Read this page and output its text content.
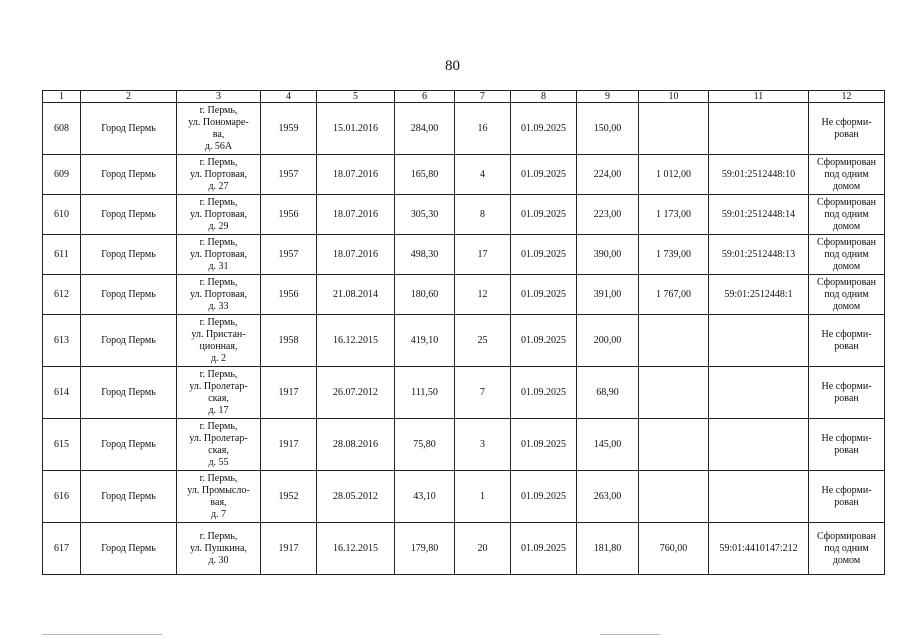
80
1	2	3	4	5	6	7	8	9	10	11	12
608	Город Пермь	г. Пермь,
ул. Пономаре-
ва,
д. 56А	1959	15.01.2016	284,00	16	01.09.2025	150,00			Не сформи-
рован
609	Город Пермь	г. Пермь,
ул. Портовая,
д. 27	1957	18.07.2016	165,80	4	01.09.2025	224,00	1 012,00	59:01:2512448:10	Сформирован
под одним
домом
610	Город Пермь	г. Пермь,
ул. Портовая,
д. 29	1956	18.07.2016	305,30	8	01.09.2025	223,00	1 173,00	59:01:2512448:14	Сформирован
под одним
домом
611	Город Пермь	г. Пермь,
ул. Портовая,
д. 31	1957	18.07.2016	498,30	17	01.09.2025	390,00	1 739,00	59:01:2512448:13	Сформирован
под одним
домом
612	Город Пермь	г. Пермь,
ул. Портовая,
д. 33	1956	21.08.2014	180,60	12	01.09.2025	391,00	1 767,00	59:01:2512448:1	Сформирован
под одним
домом
613	Город Пермь	г. Пермь,
ул. Пристан-
ционная,
д. 2	1958	16.12.2015	419,10	25	01.09.2025	200,00			Не сформи-
рован
614	Город Пермь	г. Пермь,
ул. Пролетар-
ская,
д. 17	1917	26.07.2012	111,50	7	01.09.2025	68,90			Не сформи-
рован
615	Город Пермь	г. Пермь,
ул. Пролетар-
ская,
д. 55	1917	28.08.2016	75,80	3	01.09.2025	145,00			Не сформи-
рован
616	Город Пермь	г. Пермь,
ул. Промысло-
вая,
д. 7	1952	28.05.2012	43,10	1	01.09.2025	263,00			Не сформи-
рован
617	Город Пермь	г. Пермь,
ул. Пушкина,
д. 30	1917	16.12.2015	179,80	20	01.09.2025	181,80	760,00	59:01:4410147:212	Сформирован
под одним
домом
